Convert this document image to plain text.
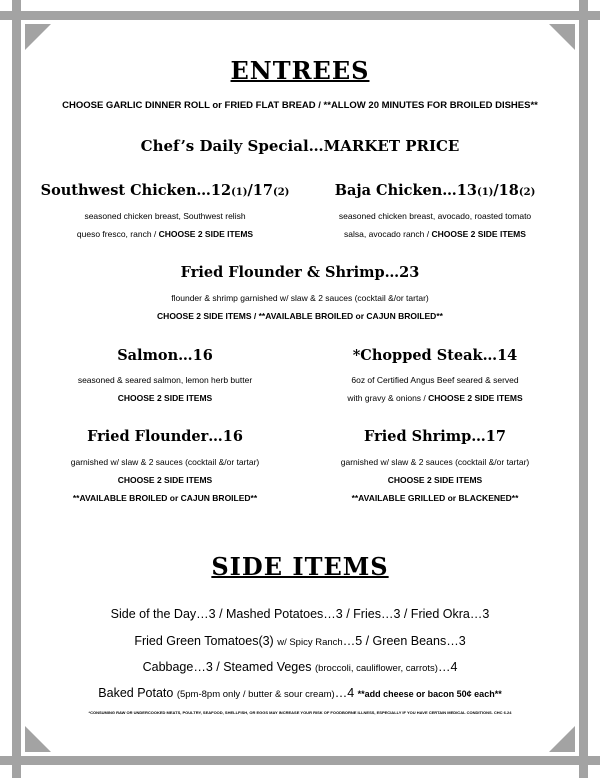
ENTREES
CHOOSE GARLIC DINNER ROLL or FRIED FLAT BREAD / **ALLOW 20 MINUTES FOR BROILED DISHES**
Chef’s Daily Special…MARKET PRICE
Southwest Chicken…12(1)/17(2)
seasoned chicken breast, Southwest relish
queso fresco, ranch / CHOOSE 2 SIDE ITEMS
Baja Chicken…13(1)/18(2)
seasoned chicken breast, avocado, roasted tomato
salsa, avocado ranch / CHOOSE 2 SIDE ITEMS
Fried Flounder & Shrimp…23
flounder & shrimp garnished w/ slaw & 2 sauces (cocktail &/or tartar)
CHOOSE 2 SIDE ITEMS / **AVAILABLE BROILED or CAJUN BROILED**
Salmon…16
seasoned & seared salmon, lemon herb butter
CHOOSE 2 SIDE ITEMS
*Chopped Steak…14
6oz of Certified Angus Beef seared & served
with gravy & onions / CHOOSE 2 SIDE ITEMS
Fried Flounder…16
garnished w/ slaw & 2 sauces (cocktail &/or tartar)
CHOOSE 2 SIDE ITEMS
**AVAILABLE BROILED or CAJUN BROILED**
Fried Shrimp…17
garnished w/ slaw & 2 sauces (cocktail &/or tartar)
CHOOSE 2 SIDE ITEMS
**AVAILABLE GRILLED or BLACKENED**
SIDE ITEMS
Side of the Day…3 / Mashed Potatoes…3 / Fries…3 / Fried Okra…3
Fried Green Tomatoes(3) w/ Spicy Ranch…5 / Green Beans…3
Cabbage…3 / Steamed Veges (broccoli, cauliflower, carrots)…4
Baked Potato (5pm-8pm only / butter & sour cream)…4 **add cheese or bacon 50¢ each**
*CONSUMING RAW OR UNDERCOOKED MEATS, POULTRY, SEAFOOD, SHELLFISH, OR EGGS MAY INCREASE YOUR RISK OF FOODBORNE ILLNESS, ESPECIALLY IF YOU HAVE CERTAIN MEDICAL CONDITIONS. CHC 6.24
